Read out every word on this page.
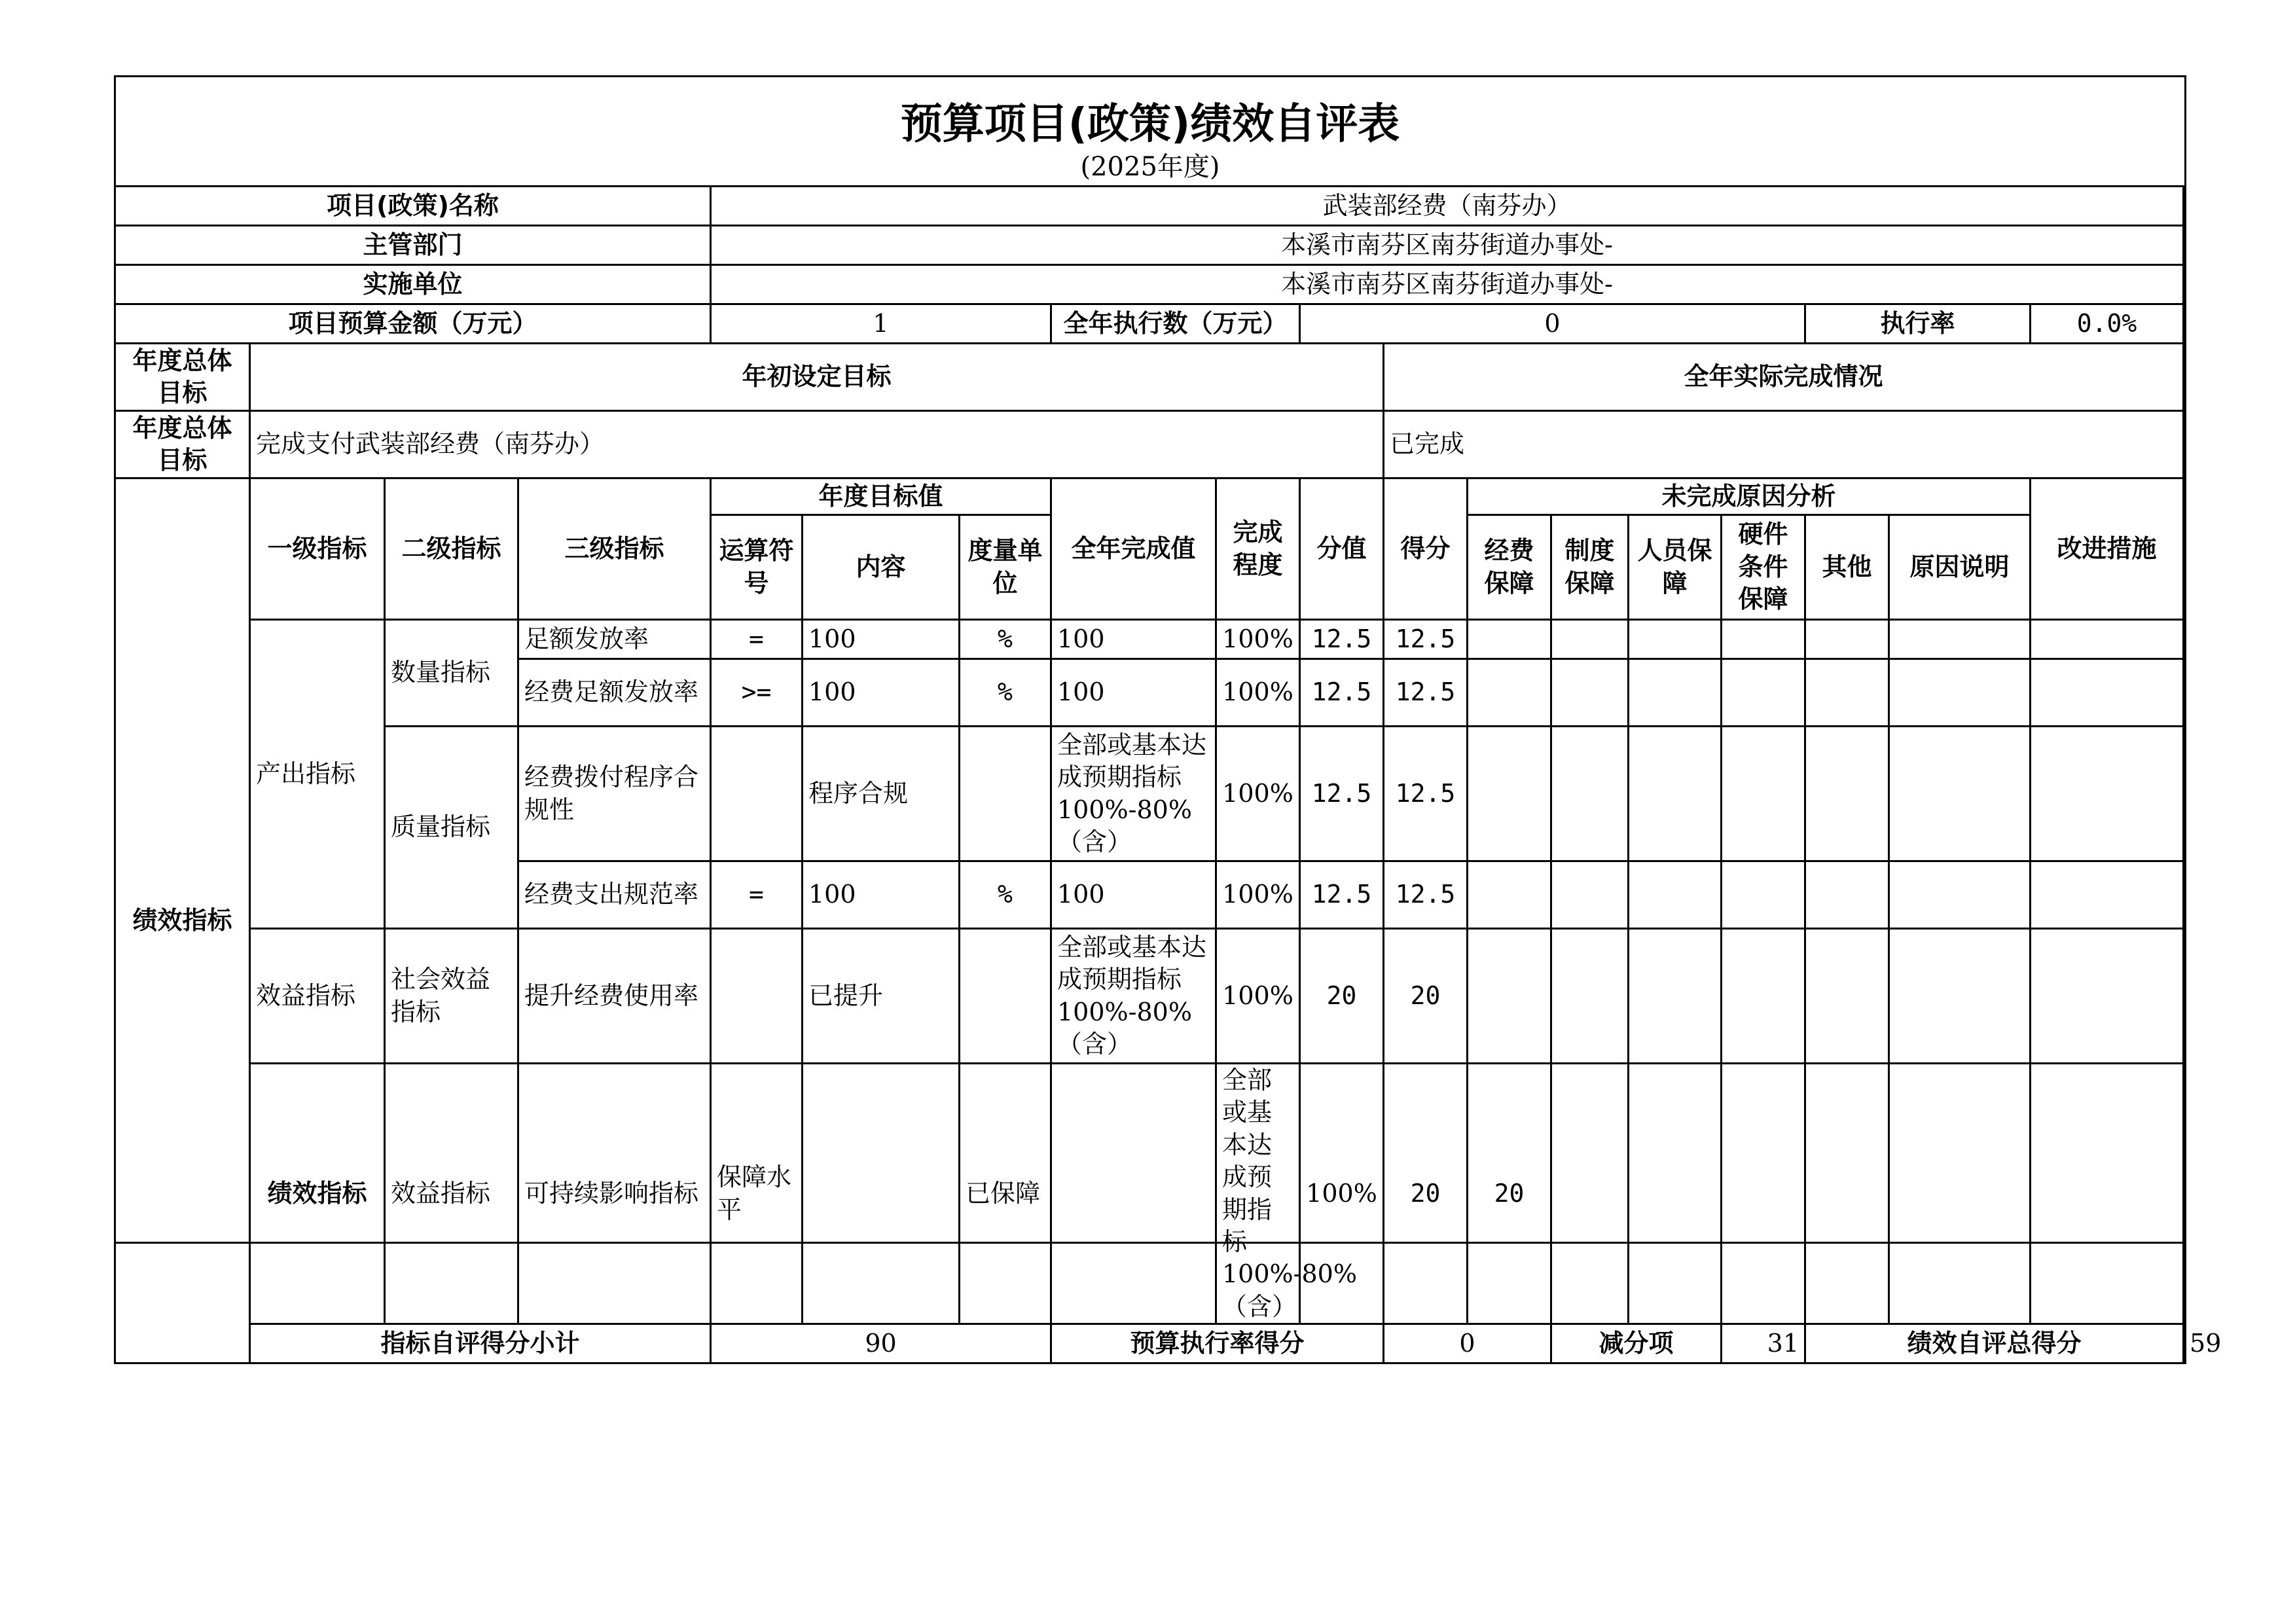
预算项目(政策)绩效自评表
(2025年度)
项目(政策)名称				武装部经费（南芬办）														
主管部门				本溪市南芬区南芬街道办事处-														
实施单位				本溪市南芬区南芬街道办事处-														
项目预算金额（万元）				1			全年执行数（万元）		0						执行率		0.0%	
年度总体目标	年初设定目标									全年实际完成情况								
年度总体目标	完成支付武装部经费（南芬办）									已完成								
绩效指标	一级指标	二级指标	三级指标	年度目标值			全年完成值	完成程度	分值	得分	未完成原因分析						改进措施	
				运算符号	内容	度量单位					经费保障	制度保障	人员保障	硬件条件保障	其他	原因说明		
	产出指标	数量指标	足额发放率	=	100	%	100	100%	12.5	12.5								
			经费足额发放率	>=	100	%	100	100%	12.5	12.5								
		质量指标	经费拨付程序合规性		程序合规		全部或基本达成预期指标100%-80%（含）	100%	12.5	12.5								
			经费支出规范率	=	100	%	100	100%	12.5	12.5								
	效益指标	社会效益指标	提升经费使用率		已提升		全部或基本达成预期指标100%-80%（含）	100%	20	20								
	绩效指标	效益指标	可持续影响指标	保障水平		已保障		全部或基本达成预期指标100%-80%（含）	100%	20	20							
	指标自评得分小计			90			预算执行率得分			0		减分项		31	绩效自评总得分			59
